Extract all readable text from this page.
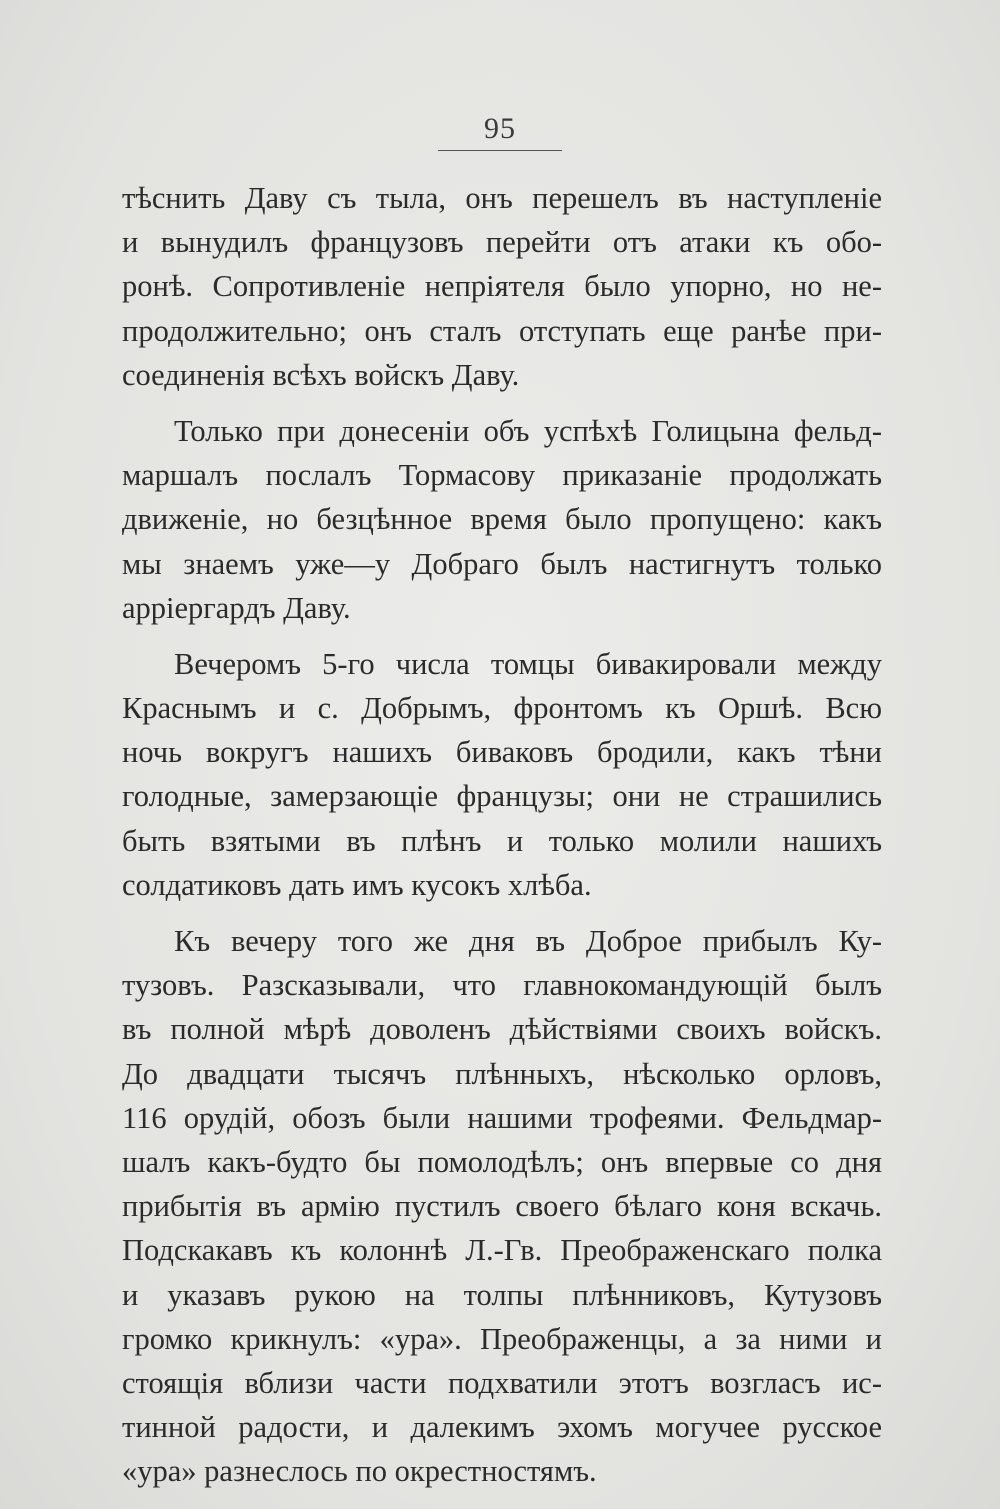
95

тѣснить Даву съ тыла, онъ перешелъ въ наступленіе
и вынудилъ французовъ перейти отъ атаки къ обо-
ронѣ. Сопротивленіе непріятеля было упорно, но не-
продолжительно; онъ сталъ отступать еще ранѣе при-
соединенія всѣхъ войскъ Даву.

Только при донесеніи объ успѣхѣ Голицына фельд-
маршалъ послалъ Тормасову приказаніе продолжать
движеніе, но безцѣнное время было пропущено: какъ
мы знаемъ уже—у Добраго былъ настигнутъ только
арріергардъ Даву.

Вечеромъ 5-го числа томцы бивакировали между
Краснымъ и с. Добрымъ, фронтомъ къ Оршѣ. Всю
ночь вокругъ нашихъ биваковъ бродили, какъ тѣни
голодные, замерзающіе французы; они не страшились
быть взятыми въ плѣнъ и только молили нашихъ
солдатиковъ дать имъ кусокъ хлѣба.

Къ вечеру того же дня въ Доброе прибылъ Ку-
тузовъ. Разсказывали, что главнокомандующій былъ
въ полной мѣрѣ доволенъ дѣйствіями своихъ войскъ.
До двадцати тысячъ плѣнныхъ, нѣсколько орловъ,
116 орудій, обозъ были нашими трофеями. Фельдмар-
шалъ какъ-будто бы помолодѣлъ; онъ впервые со дня
прибытія въ армію пустилъ своего бѣлаго коня вскачь.
Подскакавъ къ колоннѣ Л.-Гв. Преображенскаго полка
и указавъ рукою на толпы плѣнниковъ, Кутузовъ
громко крикнулъ: «ура». Преображенцы, а за ними и
стоящія вблизи части подхватили этотъ возгласъ ис-
тинной радости, и далекимъ эхомъ могучее русское
«ура» разнеслось по окрестностямъ.
